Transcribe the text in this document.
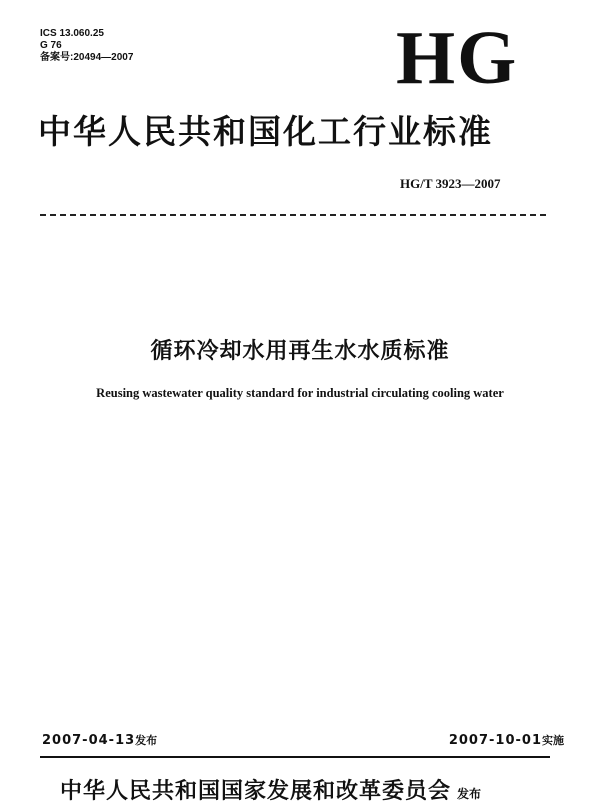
ICS 13.060.25
G 76
备案号:20494—2007	HG
中华人民共和国化工行业标准
HG/T 3923—2007
循环冷却水用再生水水质标准
Reusing wastewater quality standard for industrial circulating cooling water
2007-04-13发布	2007-10-01实施
中华人民共和国国家发展和改革委员会 发布
